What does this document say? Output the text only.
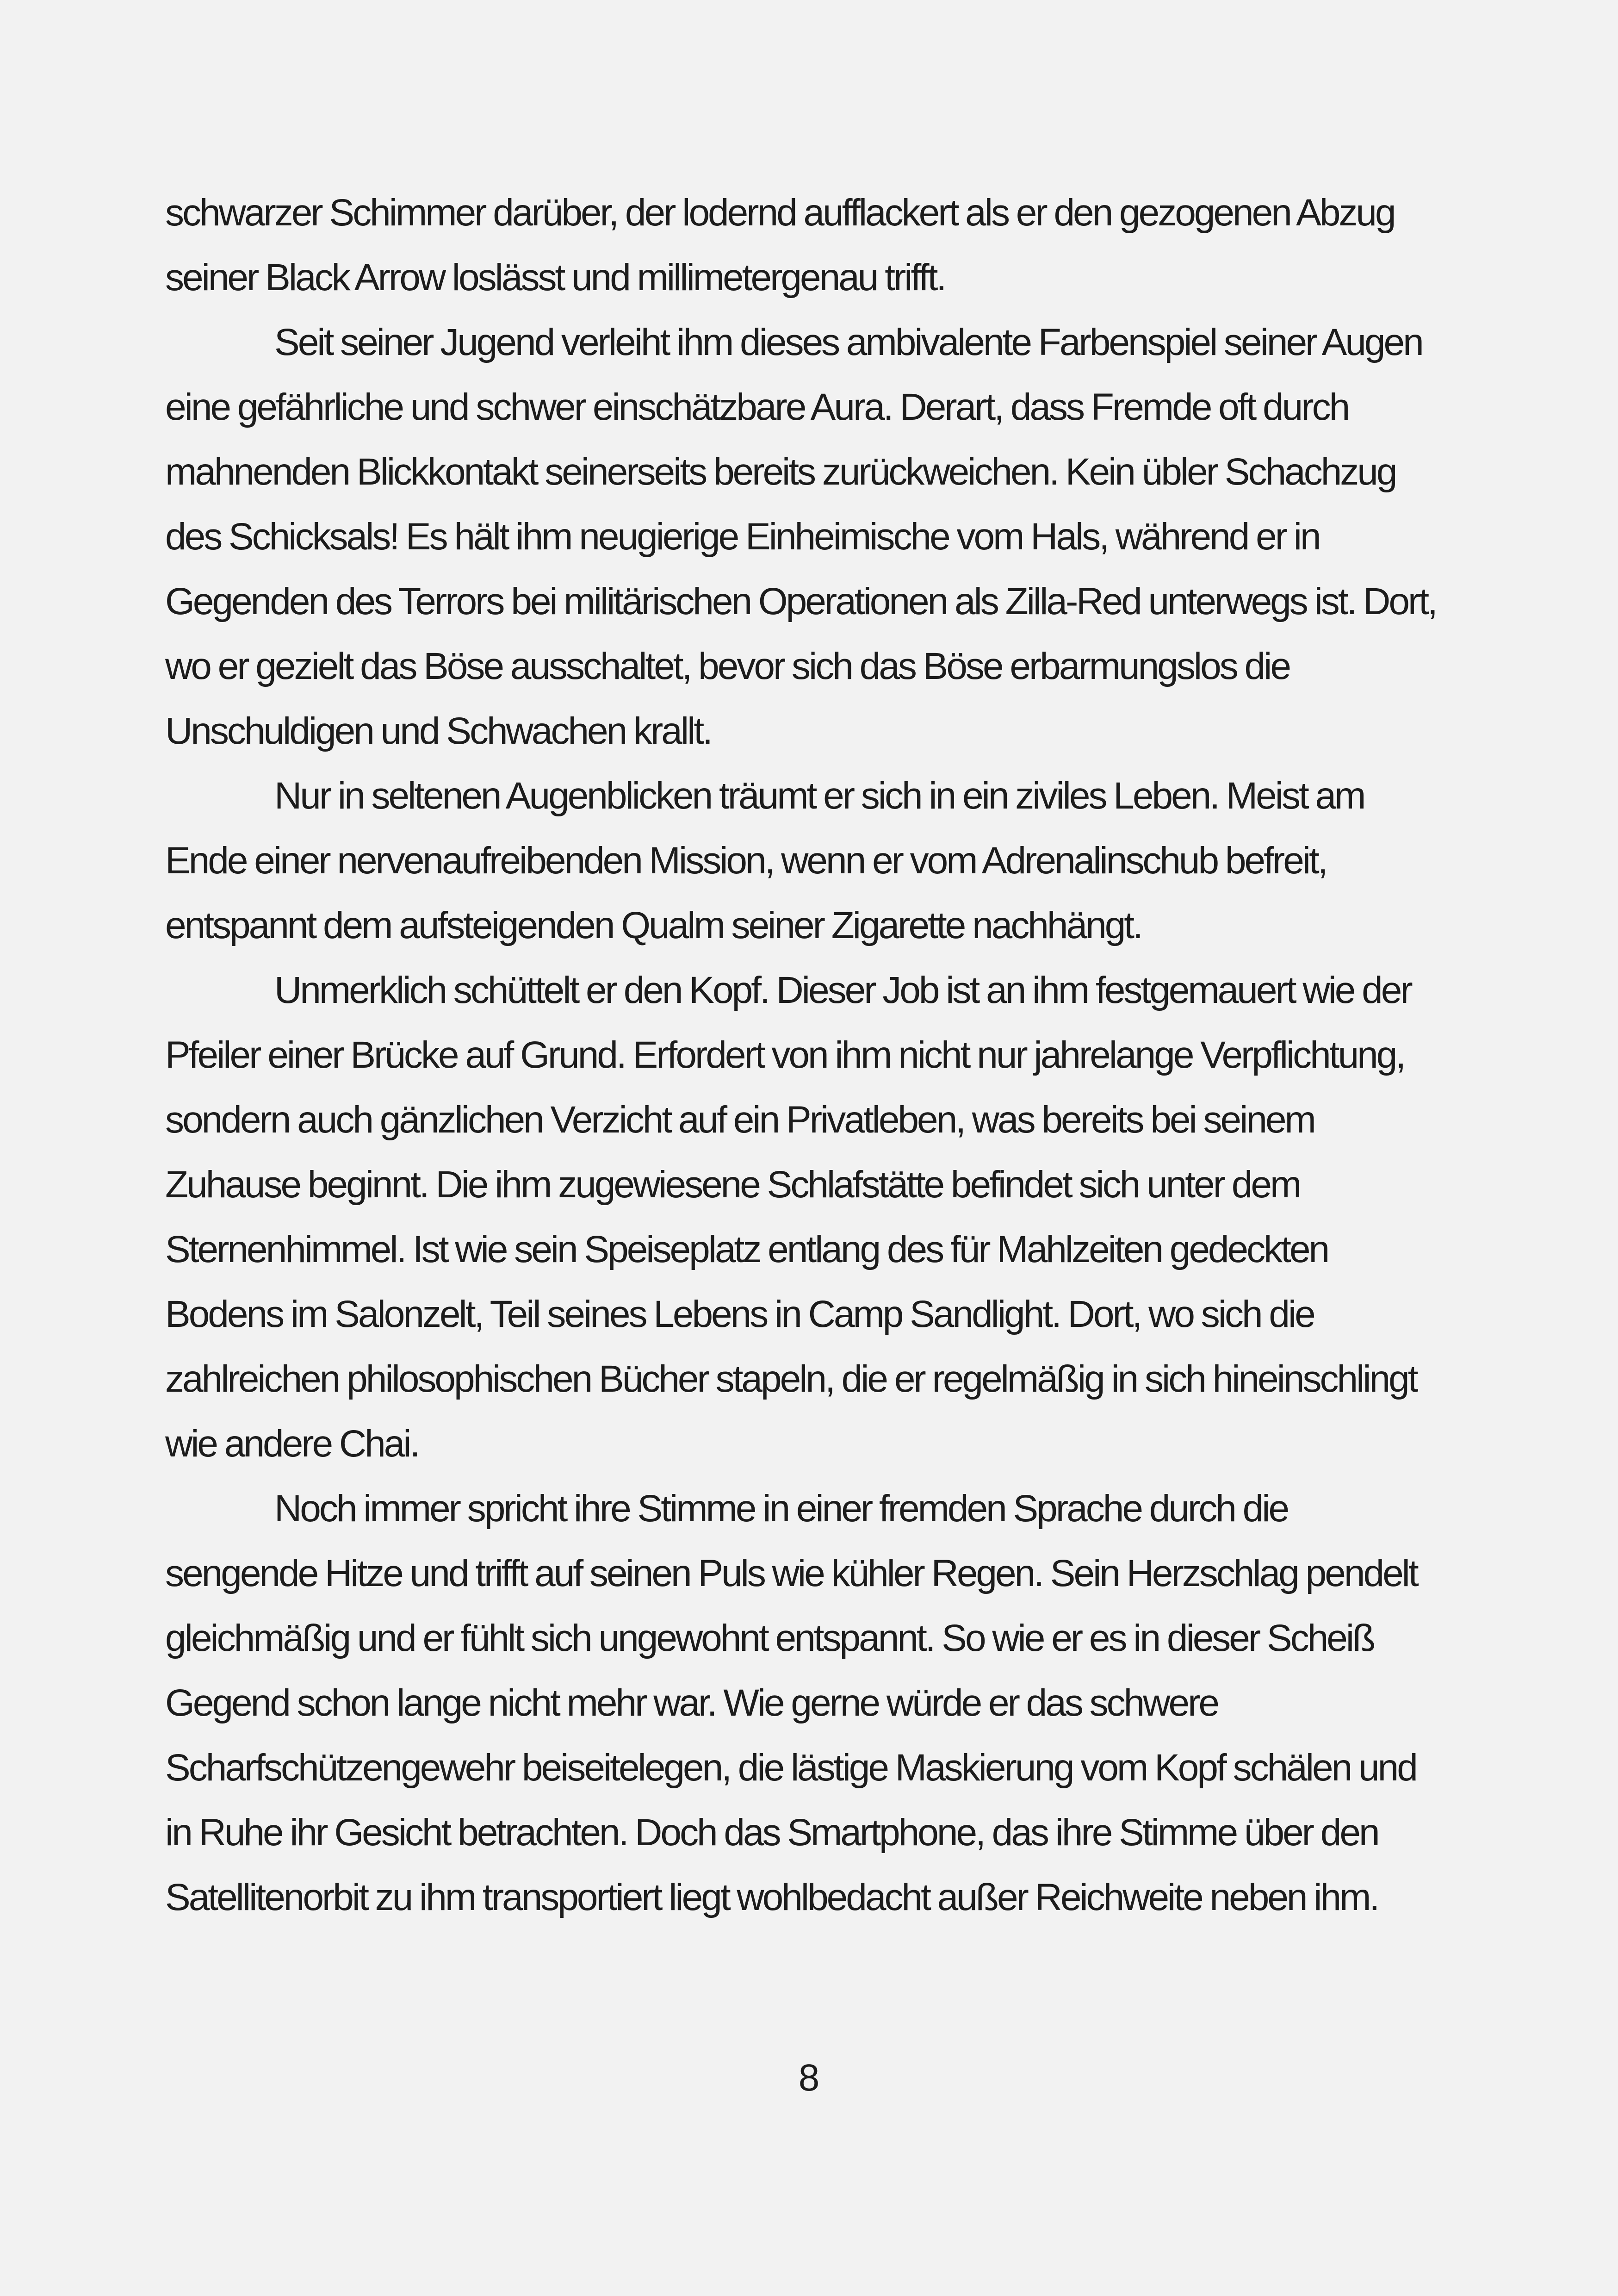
schwarzer Schimmer darüber, der lodernd aufflackert als er den gezogenen Abzug seiner Black Arrow loslässt und millimetergenau trifft.

Seit seiner Jugend verleiht ihm dieses ambivalente Farbenspiel seiner Augen eine gefährliche und schwer einschätzbare Aura. Derart, dass Fremde oft durch mahnenden Blickkontakt seinerseits bereits zurückweichen. Kein übler Schachzug des Schicksals! Es hält ihm neugierige Einheimische vom Hals, während er in Gegenden des Terrors bei militärischen Operationen als Zilla-Red unterwegs ist. Dort, wo er gezielt das Böse ausschaltet, bevor sich das Böse erbarmungslos die Unschuldigen und Schwachen krallt.

Nur in seltenen Augenblicken träumt er sich in ein ziviles Leben. Meist am Ende einer nervenaufreibenden Mission, wenn er vom Adrenalinschub befreit, entspannt dem aufsteigenden Qualm seiner Zigarette nachhängt.

Unmerklich schüttelt er den Kopf. Dieser Job ist an ihm festgemauert wie der Pfeiler einer Brücke auf Grund. Erfordert von ihm nicht nur jahrelange Verpflichtung, sondern auch gänzlichen Verzicht auf ein Privatleben, was bereits bei seinem Zuhause beginnt. Die ihm zugewiesene Schlafstätte befindet sich unter dem Sternenhimmel. Ist wie sein Speiseplatz entlang des für Mahlzeiten gedeckten Bodens im Salonzelt, Teil seines Lebens in Camp Sandlight. Dort, wo sich die zahlreichen philosophischen Bücher stapeln, die er regelmäßig in sich hineinschlingt wie andere Chai.

Noch immer spricht ihre Stimme in einer fremden Sprache durch die sengende Hitze und trifft auf seinen Puls wie kühler Regen. Sein Herzschlag pendelt gleichmäßig und er fühlt sich ungewohnt entspannt. So wie er es in dieser Scheiß Gegend schon lange nicht mehr war. Wie gerne würde er das schwere Scharfschützengewehr beiseitelegen, die lästige Maskierung vom Kopf schälen und in Ruhe ihr Gesicht betrachten. Doch das Smartphone, das ihre Stimme über den Satellitenorbit zu ihm transportiert liegt wohlbedacht außer Reichweite neben ihm.

8
